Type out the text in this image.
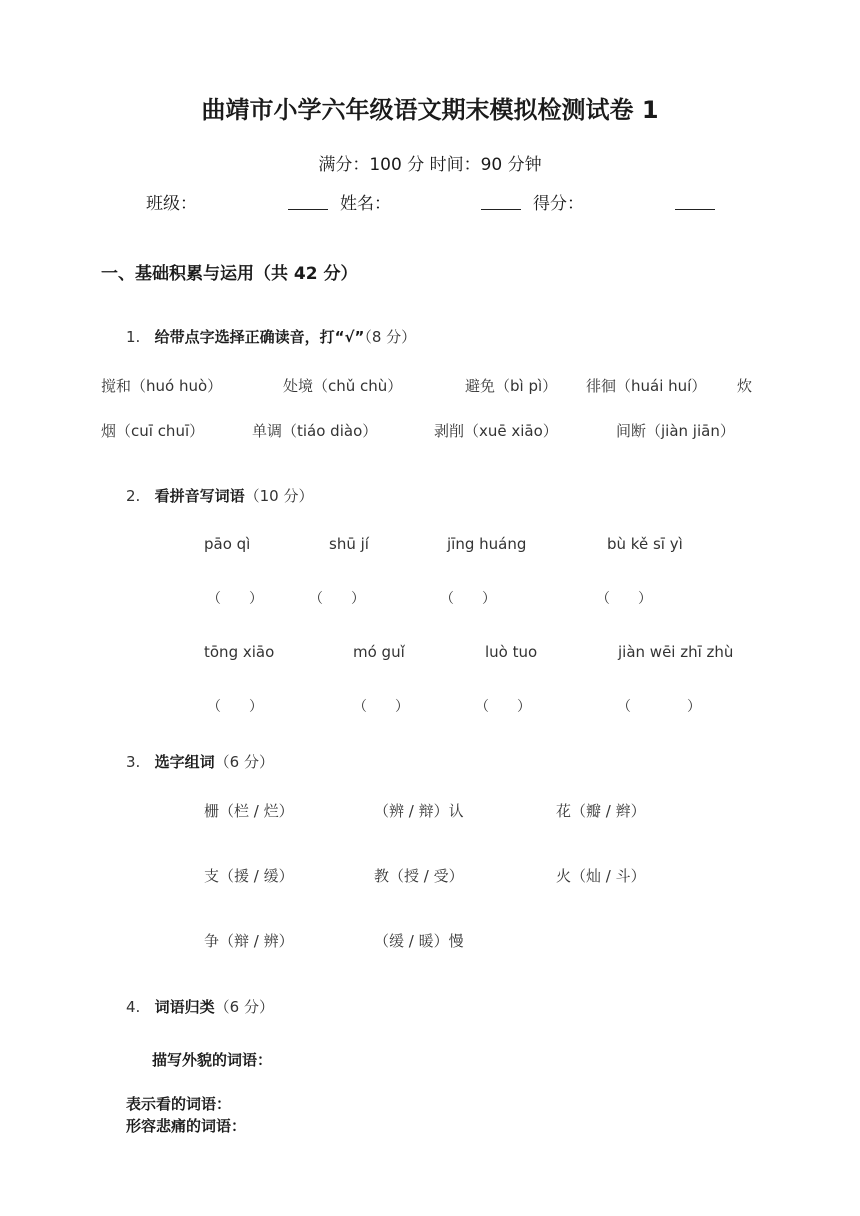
曲靖市小学六年级语文期末模拟检测试卷 1
满分：100 分 时间：90 分钟
班级：	姓名：	得分：
一、基础积累与运用（共 42 分）
1. 给带点字选择正确读音，打“√”（8 分）
搅和（huó huò）	处境（chǔ chù）	避免（bì pì） 徘徊（huái huí） 炊
烟（cuī chuī）	单调（tiáo diào）	剥削（xuē xiāo）	间断（jiàn jiān）
2. 看拼音写词语（10 分）
pāo qì	shū jí	jīng huáng	bù kě sī yì
（　　）	（　　）	（　　）	（　　）
tōng xiāo	mó guǐ	luò tuo	jiàn wēi zhī zhù
（　　）	（　　）	（　　）	（　　　　）
3. 选字组词（6 分）
栅（栏 / 烂）	（辨 / 辩）认	花（瓣 / 辫）
支（援 / 缓）	教（授 / 受）	火（灿 / 斗）
争（辩 / 辨）	（缓 / 暖）慢
4. 词语归类（6 分）
描写外貌的词语：
表示看的词语：
形容悲痛的词语：
